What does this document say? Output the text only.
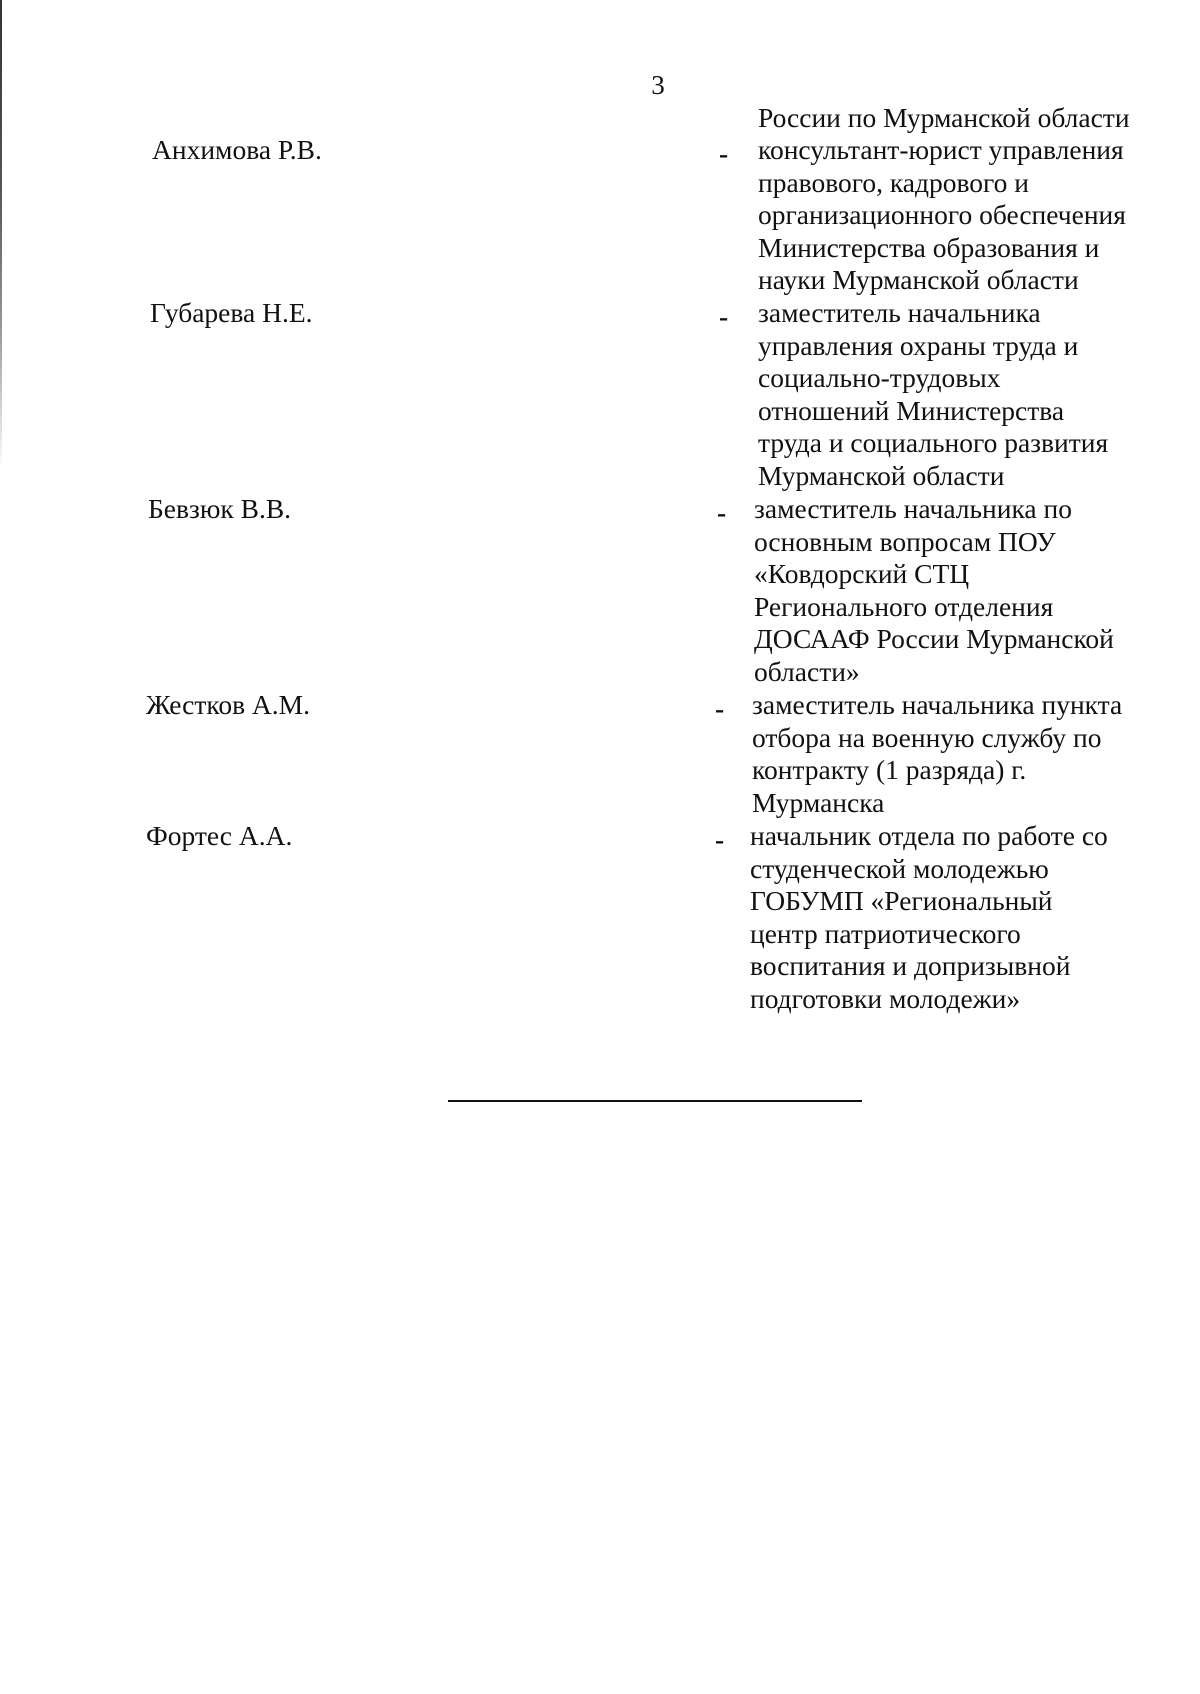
3
России по Мурманской области
Анхимова Р.В.	- консультант-юрист управления
правового, кадрового и
организационного обеспечения
Министерства образования и
науки Мурманской области
Губарева Н.Е.	- заместитель начальника
управления охраны труда и
социально-трудовых
отношений Министерства
труда и социального развития
Мурманской области
Бевзюк В.В.	- заместитель начальника по
основным вопросам ПОУ
«Ковдорский СТЦ
Регионального отделения
ДОСААФ России Мурманской
области»
Жестков А.М.	- заместитель начальника пункта
отбора на военную службу по
контракту (1 разряда) г.
Мурманска
Фортес А.А.	- начальник отдела по работе со
студенческой молодежью
ГОБУМП «Региональный
центр патриотического
воспитания и допризывной
подготовки молодежи»
